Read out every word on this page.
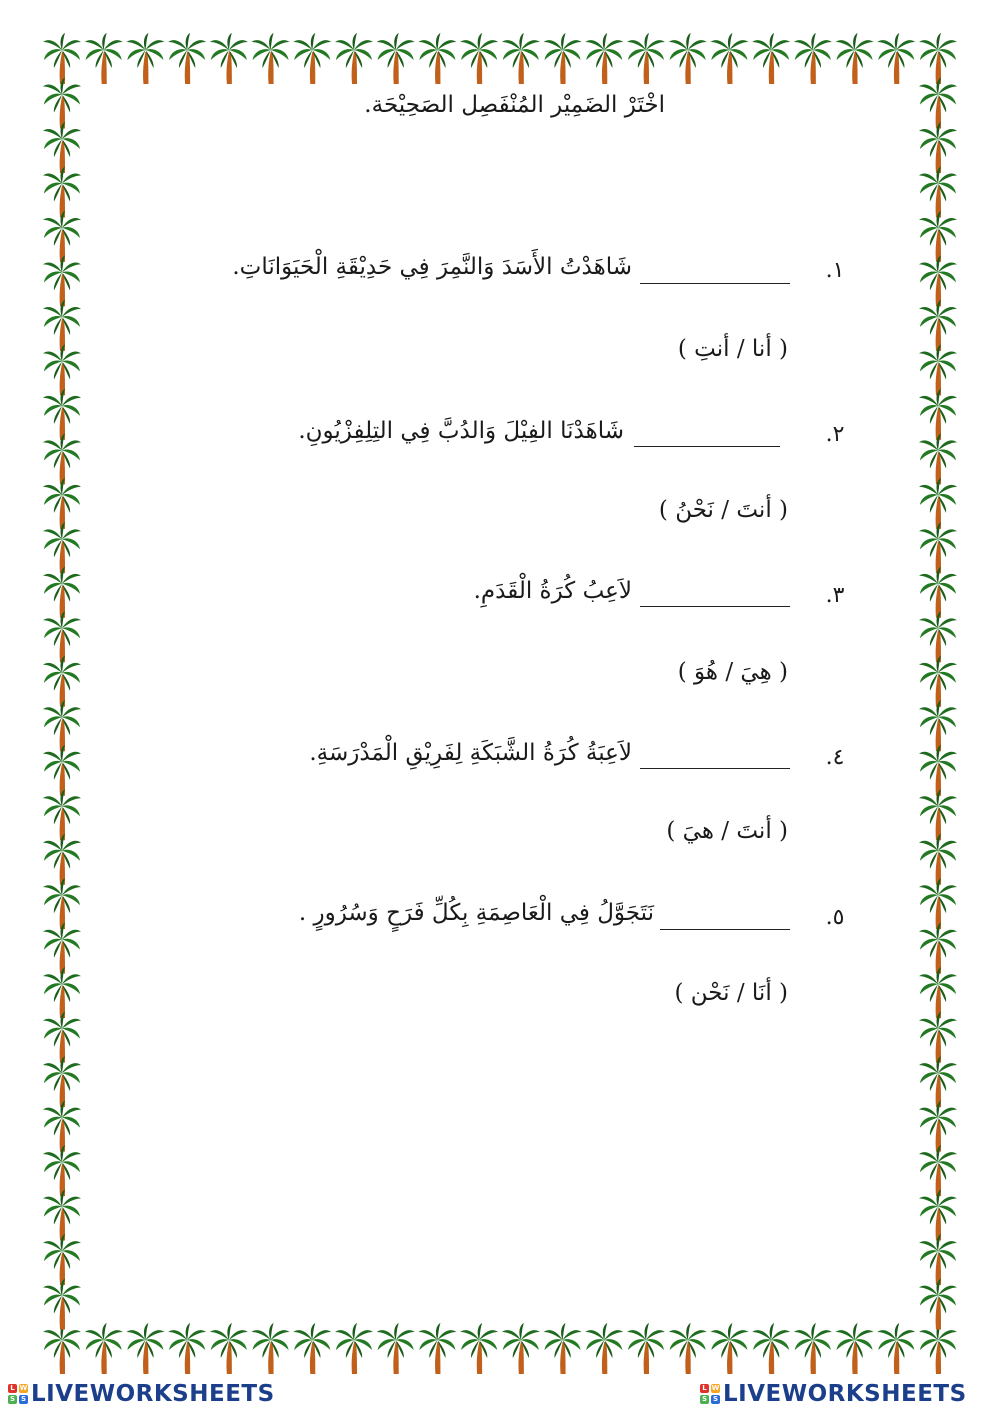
اخْتَرْ الضَمِيْر المُنْفَصِل الصَحِيْحَة.
١.
شَاهَدْتُ الأَسَدَ وَالنَّمِرَ فِي حَدِيْقَةِ الْحَيَوَانَاتِ.
( أنا / أنتِ )
٢.
شَاهَدْنَا الفِيْلَ وَالدُبَّ فِي التِلِفِزْيُونِ.
( أنتَ / نَحْنُ )
٣.
لاَعِبُ كُرَةُ الْقَدَمِ.
( هِيَ / هُوَ )
٤.
لاَعِبَةُ كُرَةُ الشَّبَكَةِ لِفَرِيْقِ الْمَدْرَسَةِ.
( أنتَ / هيَ )
٥.
نَتَجَوَّلُ فِي الْعَاصِمَةِ بِكُلِّ فَرَحٍ وَسُرُورٍ .
( أنَا / نَحْن )
L W
S S LIVEWORKSHEETS	L W
S S LIVEWORKSHEETS
